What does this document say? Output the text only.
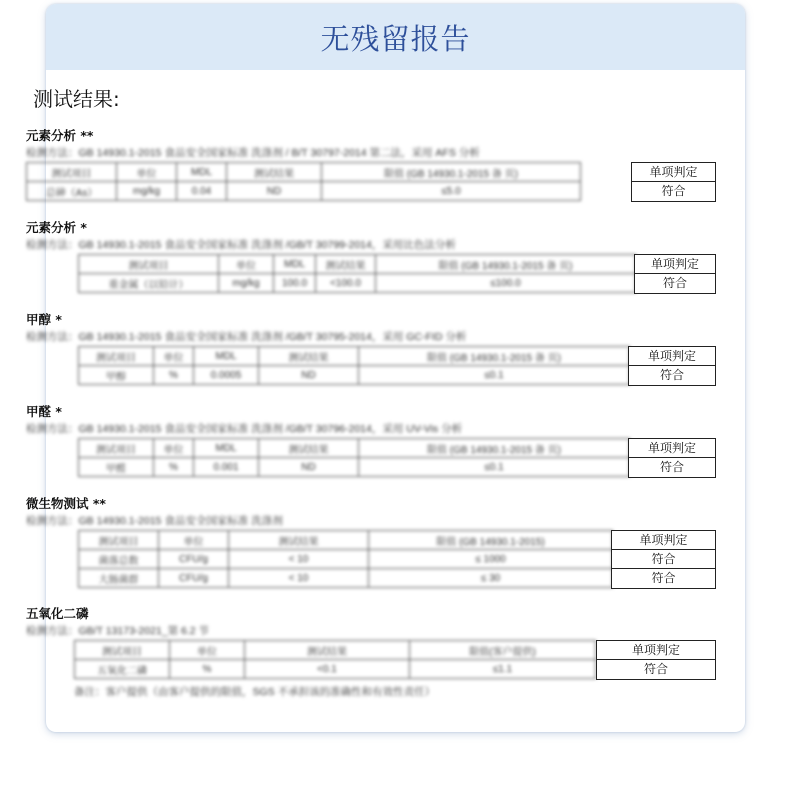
无残留报告
测试结果:
元素分析 **
检测方法：GB 14930.1-2015 食品安全国家标准 洗涤剂 / B/T 30797-2014 第二法，采用 AFS 分析
测试项目	单位	MDL	测试结果	限值 (GB 14930.1-2015 备 页)
总砷（As）	mg/kg	0.04	ND	≤5.0
单项判定
符合
元素分析 *
检测方法：GB 14930.1-2015 食品安全国家标准 洗涤剂 /GB/T 30799-2014，采用比色法分析
测试项目	单位	MDL	测试结果	限值 (GB 14930.1-2015 备 页)
重金属（以铅计）	mg/kg	100.0	<100.0	≤100.0
单项判定
符合
甲醇 *
检测方法：GB 14930.1-2015 食品安全国家标准 洗涤剂 /GB/T 30795-2014，采用 GC-FID 分析
测试项目	单位	MDL	测试结果	限值 (GB 14930.1-2015 备 页)
甲醇	%	0.0005	ND	≤0.1
单项判定
符合
甲醛 *
检测方法：GB 14930.1-2015 食品安全国家标准 洗涤剂 /GB/T 30796-2014，采用 UV-Vis 分析
测试项目	单位	MDL	测试结果	限值 (GB 14930.1-2015 备 页)
甲醛	%	0.001	ND	≤0.1
单项判定
符合
微生物测试 **
检测方法：GB 14930.1-2015 食品安全国家标准 洗涤剂
测试项目	单位	测试结果	限值 (GB 14930.1-2015)
菌落总数	CFU/g	< 10	≤ 1000
大肠菌群	CFU/g	< 10	≤ 30
单项判定
符合
符合
五氧化二磷
检测方法：GB/T 13173-2021_第 6.2 节
测试项目	单位	测试结果	限值(客户提供)
五氧化二磷	%	<0.1	≤1.1
单项判定
符合
备注：客户提供（由客户提供的限值，SGS 不承担该的准确性和有效性责任）
